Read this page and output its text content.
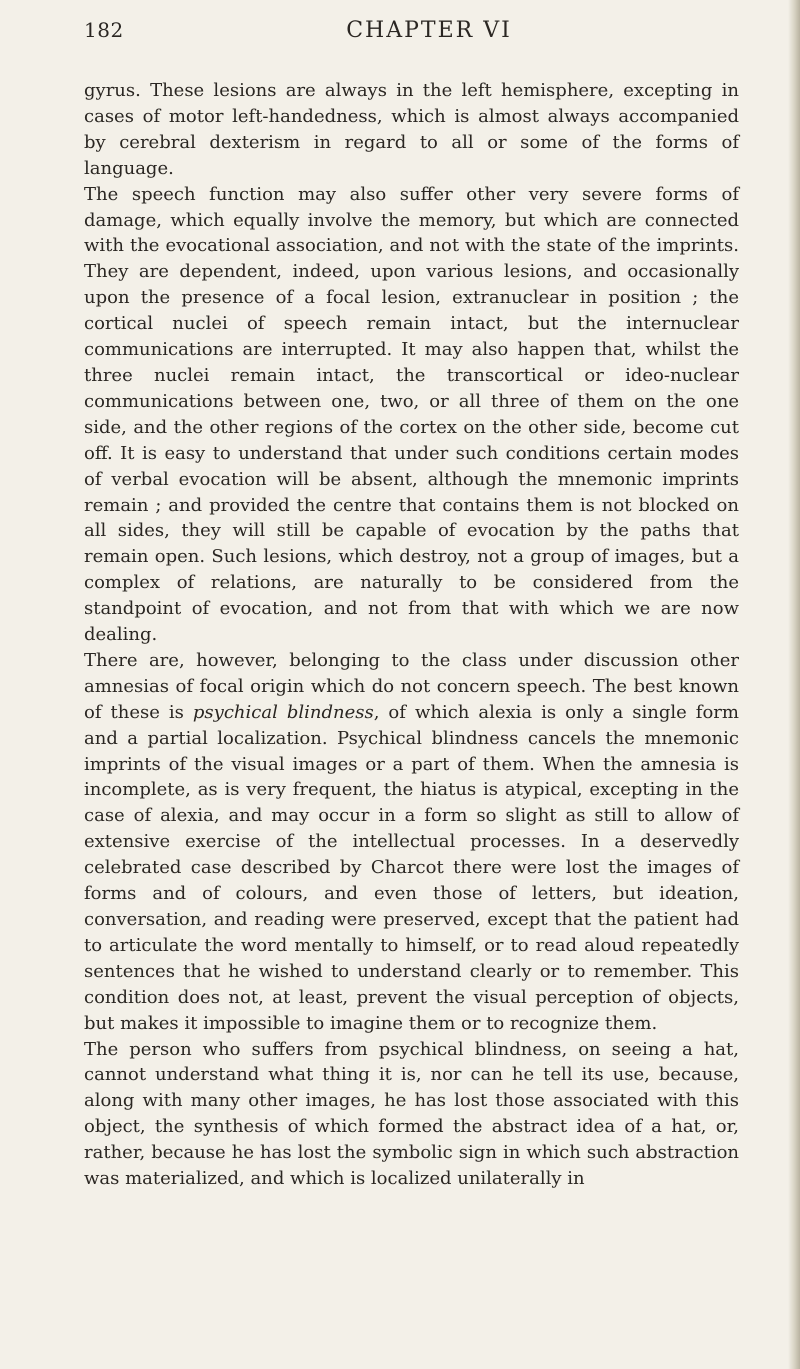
182	CHAPTER VI

gyrus. These lesions are always in the left hemisphere, excepting in cases of motor left-handedness, which is almost always accompanied by cerebral dexterism in regard to all or some of the forms of language.

The speech function may also suffer other very severe forms of damage, which equally involve the memory, but which are connected with the evocational association, and not with the state of the imprints. They are dependent, indeed, upon various lesions, and occasionally upon the presence of a focal lesion, extranuclear in position ; the cortical nuclei of speech remain intact, but the internuclear communications are interrupted. It may also happen that, whilst the three nuclei remain intact, the transcortical or ideo-nuclear communications between one, two, or all three of them on the one side, and the other regions of the cortex on the other side, become cut off. It is easy to understand that under such conditions certain modes of verbal evocation will be absent, although the mnemonic imprints remain ; and provided the centre that contains them is not blocked on all sides, they will still be capable of evocation by the paths that remain open. Such lesions, which destroy, not a group of images, but a complex of relations, are naturally to be considered from the standpoint of evocation, and not from that with which we are now dealing.

There are, however, belonging to the class under discussion other amnesias of focal origin which do not concern speech. The best known of these is psychical blindness, of which alexia is only a single form and a partial localization. Psychical blindness cancels the mnemonic imprints of the visual images or a part of them. When the amnesia is incomplete, as is very frequent, the hiatus is atypical, excepting in the case of alexia, and may occur in a form so slight as still to allow of extensive exercise of the intellectual processes. In a deservedly celebrated case described by Charcot there were lost the images of forms and of colours, and even those of letters, but ideation, conversation, and reading were preserved, except that the patient had to articulate the word mentally to himself, or to read aloud repeatedly sentences that he wished to understand clearly or to remember. This condition does not, at least, prevent the visual perception of objects, but makes it impossible to imagine them or to recognize them.

The person who suffers from psychical blindness, on seeing a hat, cannot understand what thing it is, nor can he tell its use, because, along with many other images, he has lost those associated with this object, the synthesis of which formed the abstract idea of a hat, or, rather, because he has lost the symbolic sign in which such abstraction was materialized, and which is localized unilaterally in
